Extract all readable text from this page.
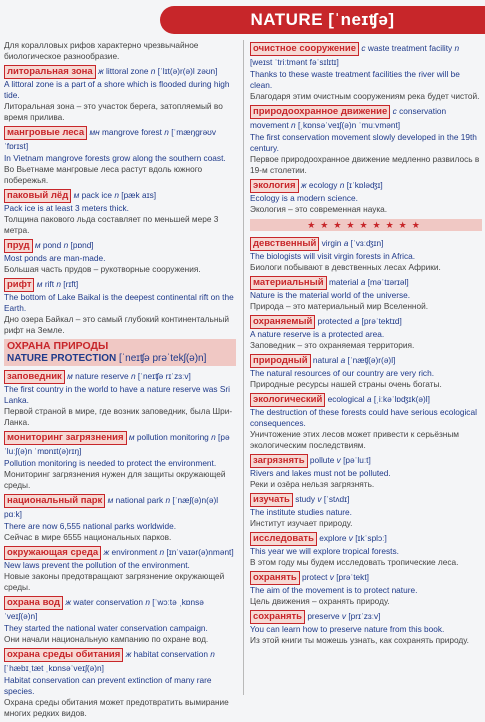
NATURE [ˈneɪʧə]
Для коралловых рифов характерно чрезвычайное биологическое разнообразие.
литоральная зона ж littoral zone n [ˈlɪt(ə)r(ə)l zəʊn]
A littoral zone is a part of a shore which is flooded during high tide.
Литоральная зона – это участок берега, затопляемый во время прилива.
мангровые леса мн mangrove forest n [ˈmæŋgrəʊv ˈfɒrɪst]
In Vietnam mangrove forests grow along the southern coast.
Во Вьетнаме мангровые леса растут вдоль южного побережья.
паковый лёд м pack ice n [pæk aɪs]
Pack ice is at least 3 meters thick.
Толщина пакового льда составляет по меньшей мере 3 метра.
пруд м pond n [pɒnd]
Most ponds are man-made.
Большая часть прудов – рукотворные сооружения.
рифт м rift n [rɪft]
The bottom of Lake Baikal is the deepest continental rift on the Earth.
Дно озера Байкал – это самый глубокий континентальный рифт на Земле.
ОХРАНА ПРИРОДЫ
NATURE PROTECTION [ˈneɪʧə prəˈtekʃ(ə)n]
заповедник м nature reserve n [ˈneɪʧə rɪˈzɜːv]
The first country in the world to have a nature reserve was Sri Lanka.
Первой страной в мире, где возник заповедник, была Шри-Ланка.
мониторинг загрязнения м pollution monitoring n [pəˈluːʃ(ə)n ˈmɒnɪt(ə)rɪŋ]
Pollution monitoring is needed to protect the environment.
Мониторинг загрязнения нужен для защиты окружающей среды.
национальный парк м national park n [ˈnæʃ(ə)n(ə)l pɑːk]
There are now 6,555 national parks worldwide.
Сейчас в мире 6555 национальных парков.
окружающая среда ж environment n [ɪnˈvaɪər(ə)nmənt]
New laws prevent the pollution of the environment.
Новые законы предотвращают загрязнение окружающей среды.
охрана вод ж water conservation n [ˈwɔːtə ˌkɒnsəˈveɪʃ(ə)n]
They started the national water conservation campaign.
Они начали национальную кампанию по охране вод.
охрана среды обитания ж habitat conservation n [ˈhæbɪˌtæt ˌkɒnsəˈveɪʃ(ə)n]
Habitat conservation can prevent extinction of many rare species.
Охрана среды обитания может предотвратить вымирание многих редких видов.
очистное сооружение с waste treatment facility n [weɪst ˈtriːtmənt fəˈsɪlɪtɪ]
Thanks to these waste treatment facilities the river will be clean.
Благодаря этим очистным сооружениям река будет чистой.
природоохранное движение с conservation movement n [ˌkɒnsəˈveɪʃ(ə)n ˈmuːvmənt]
The first conservation movement slowly developed in the 19th century.
Первое природоохранное движение медленно развилось в 19-м столетии.
экология ж ecology n [ɪˈkɒləʤɪ]
Ecology is a modern science.
Экология – это современная наука.
★★★★★★★★★
девственный virgin a [ˈvɜːʤɪn]
The biologists will visit virgin forests in Africa.
Биологи побывают в девственных лесах Африки.
материальный material a [məˈtɪərɪəl]
Nature is the material world of the universe.
Природа – это материальный мир Вселенной.
охраняемый protected a [prəˈtektɪd]
A nature reserve is a protected area.
Заповедник – это охраняемая территория.
природный natural a [ˈnæʧ(ə)r(ə)l]
The natural resources of our country are very rich.
Природные ресурсы нашей страны очень богаты.
экологический ecological a [ˌiːkəˈlɒʤɪk(ə)l]
The destruction of these forests could have serious ecological consequences.
Уничтожение этих лесов может привести к серьёзным экологическим последствиям.
загрязнять pollute v [pəˈluːt]
Rivers and lakes must not be polluted.
Реки и озёра нельзя загрязнять.
изучать study v [ˈstʌdɪ]
The institute studies nature.
Институт изучает природу.
исследовать explore v [ɪkˈsplɔː]
This year we will explore tropical forests.
В этом году мы будем исследовать тропические леса.
охранять protect v [prəˈtekt]
The aim of the movement is to protect nature.
Цель движения – охранять природу.
сохранять preserve v [prɪˈzɜːv]
You can learn how to preserve nature from this book.
Из этой книги ты можешь узнать, как сохранять природу.
